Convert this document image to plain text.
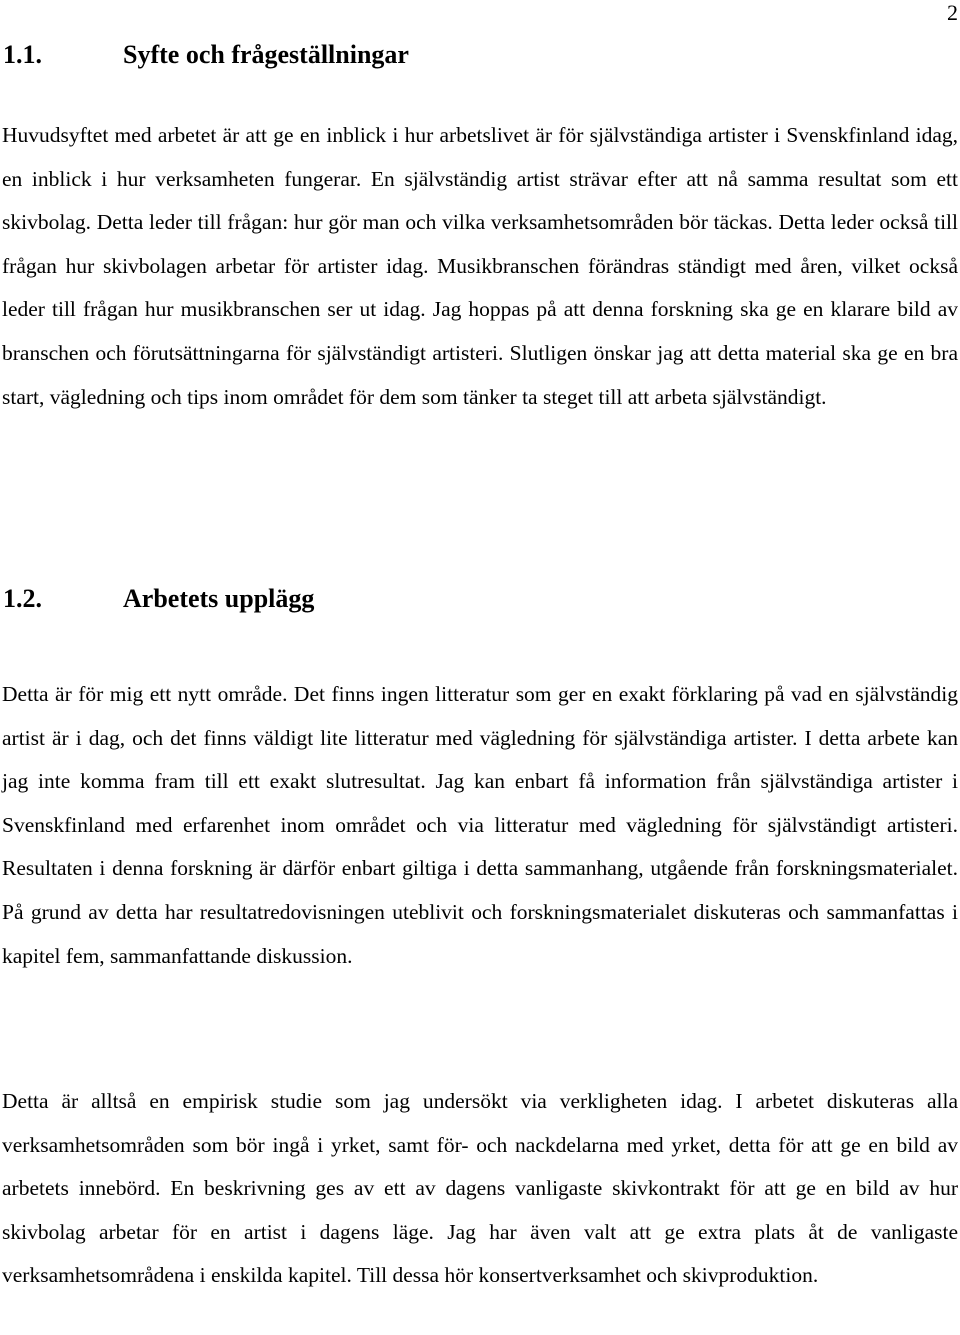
2
1.1.	Syfte och frågeställningar

Huvudsyftet med arbetet är att ge en inblick i hur arbetslivet är för självständiga artister i Svenskfinland idag, en inblick i hur verksamheten fungerar. En självständig artist strävar efter att nå samma resultat som ett skivbolag. Detta leder till frågan: hur gör man och vilka verksamhetsområden bör täckas. Detta leder också till frågan hur skivbolagen arbetar för artister idag. Musikbranschen förändras ständigt med åren, vilket också leder till frågan hur musikbranschen ser ut idag. Jag hoppas på att denna forskning ska ge en klarare bild av branschen och förutsättningarna för självständigt artisteri. Slutligen önskar jag att detta material ska ge en bra start, vägledning och tips inom området för dem som tänker ta steget till att arbeta självständigt.

1.2.	Arbetets upplägg

Detta är för mig ett nytt område. Det finns ingen litteratur som ger en exakt förklaring på vad en självständig artist är i dag, och det finns väldigt lite litteratur med vägledning för självständiga artister. I detta arbete kan jag inte komma fram till ett exakt slutresultat. Jag kan enbart få information från självständiga artister i Svenskfinland med erfarenhet inom området och via litteratur med vägledning för självständigt artisteri. Resultaten i denna forskning är därför enbart giltiga i detta sammanhang, utgående från forskningsmaterialet. På grund av detta har resultatredovisningen uteblivit och forskningsmaterialet diskuteras och sammanfattas i kapitel fem, sammanfattande diskussion.

Detta är alltså en empirisk studie som jag undersökt via verkligheten idag. I arbetet diskuteras alla verksamhetsområden som bör ingå i yrket, samt för- och nackdelarna med yrket, detta för att ge en bild av arbetets innebörd. En beskrivning ges av ett av dagens vanligaste skivkontrakt för att ge en bild av hur skivbolag arbetar för en artist i dagens läge. Jag har även valt att ge extra plats åt de vanligaste verksamhetsområdena i enskilda kapitel. Till dessa hör konsertverksamhet och skivproduktion.
